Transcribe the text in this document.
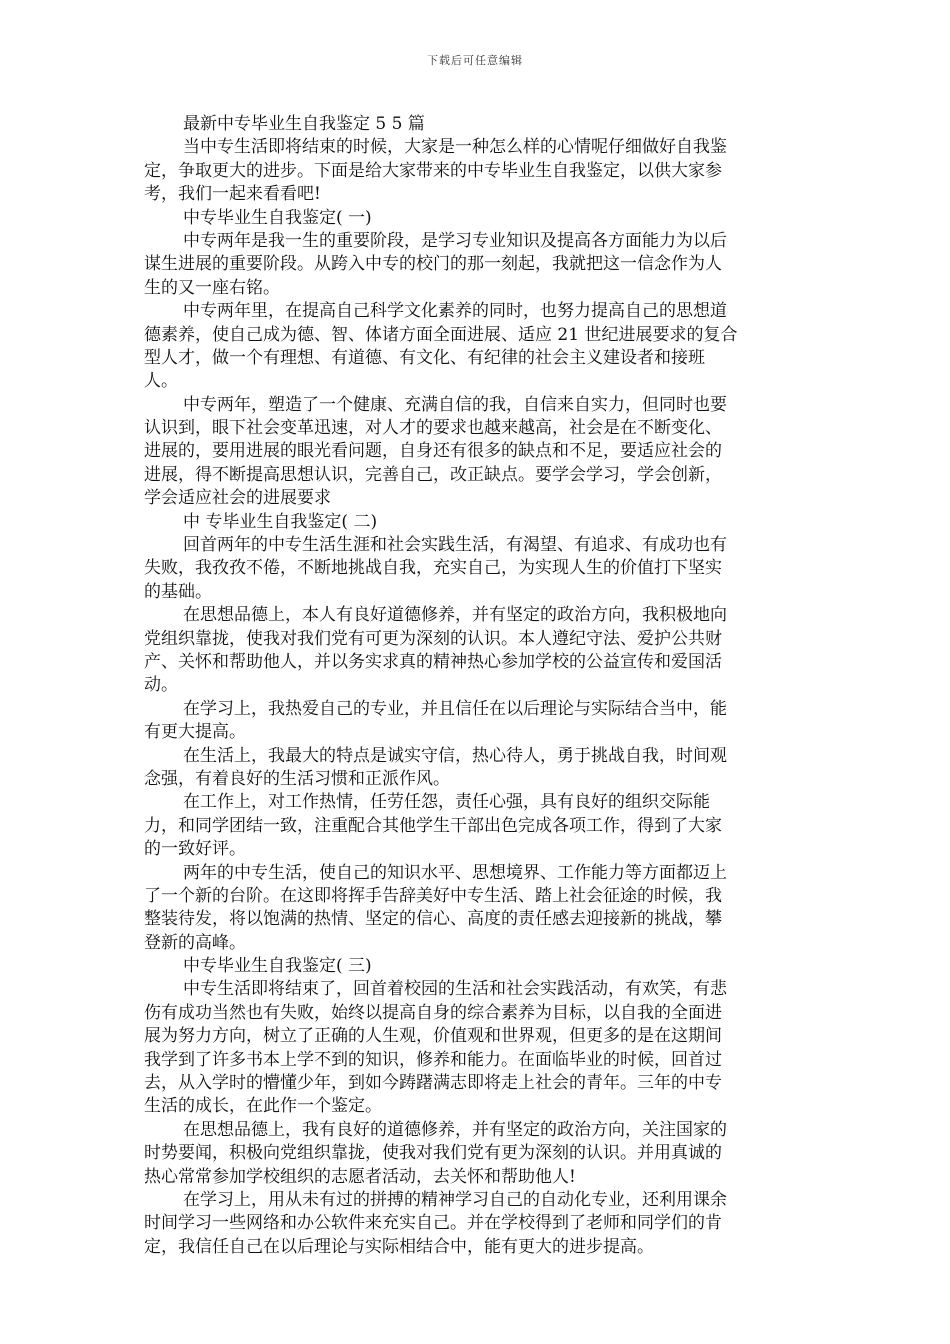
下载后可任意编辑
最新中专毕业生自我鉴定 5 5 篇
当中专生活即将结束的时候，大家是一种怎么样的心情呢仔细做好自我鉴
定，争取更大的进步。下面是给大家带来的中专毕业生自我鉴定，以供大家参
考，我们一起来看看吧!
中专毕业生自我鉴定( 一)
中专两年是我一生的重要阶段，是学习专业知识及提高各方面能力为以后
谋生进展的重要阶段。从跨入中专的校门的那一刻起，我就把这一信念作为人
生的又一座右铭。
中专两年里，在提高自己科学文化素养的同时，也努力提高自己的思想道
德素养，使自己成为德、智、体诸方面全面进展、适应 21 世纪进展要求的复合
型人才，做一个有理想、有道德、有文化、有纪律的社会主义建设者和接班
人。
中专两年，塑造了一个健康、充满自信的我，自信来自实力，但同时也要
认识到，眼下社会变革迅速，对人才的要求也越来越高，社会是在不断变化、
进展的，要用进展的眼光看问题，自身还有很多的缺点和不足，要适应社会的
进展，得不断提高思想认识，完善自己，改正缺点。要学会学习，学会创新，
学会适应社会的进展要求
中 专毕业生自我鉴定( 二)
回首两年的中专生活生涯和社会实践生活，有渴望、有追求、有成功也有
失败，我孜孜不倦，不断地挑战自我，充实自己，为实现人生的价值打下坚实
的基础。
在思想品德上，本人有良好道德修养，并有坚定的政治方向，我积极地向
党组织靠拢，使我对我们党有可更为深刻的认识。本人遵纪守法、爱护公共财
产、关怀和帮助他人，并以务实求真的精神热心参加学校的公益宣传和爱国活
动。
在学习上，我热爱自己的专业，并且信任在以后理论与实际结合当中，能
有更大提高。
在生活上，我最大的特点是诚实守信，热心待人，勇于挑战自我，时间观
念强，有着良好的生活习惯和正派作风。
在工作上，对工作热情，任劳任怨，责任心强，具有良好的组织交际能
力，和同学团结一致，注重配合其他学生干部出色完成各项工作，得到了大家
的一致好评。
两年的中专生活，使自己的知识水平、思想境界、工作能力等方面都迈上
了一个新的台阶。在这即将挥手告辞美好中专生活、踏上社会征途的时候，我
整装待发，将以饱满的热情、坚定的信心、高度的责任感去迎接新的挑战，攀
登新的高峰。
中专毕业生自我鉴定( 三)
中专生活即将结束了，回首着校园的生活和社会实践活动，有欢笑，有悲
伤有成功当然也有失败，始终以提高自身的综合素养为目标，以自我的全面进
展为努力方向，树立了正确的人生观，价值观和世界观，但更多的是在这期间
我学到了许多书本上学不到的知识，修养和能力。在面临毕业的时候，回首过
去，从入学时的懵懂少年，到如今踌躇满志即将走上社会的青年。三年的中专
生活的成长，在此作一个鉴定。
在思想品德上，我有良好的道德修养，并有坚定的政治方向，关注国家的
时势要闻，积极向党组织靠拢，使我对我们党有更为深刻的认识。并用真诚的
热心常常参加学校组织的志愿者活动，去关怀和帮助他人!
在学习上，用从未有过的拼搏的精神学习自己的自动化专业，还利用课余
时间学习一些网络和办公软件来充实自己。并在学校得到了老师和同学们的肯
定，我信任自己在以后理论与实际相结合中，能有更大的进步提高。
